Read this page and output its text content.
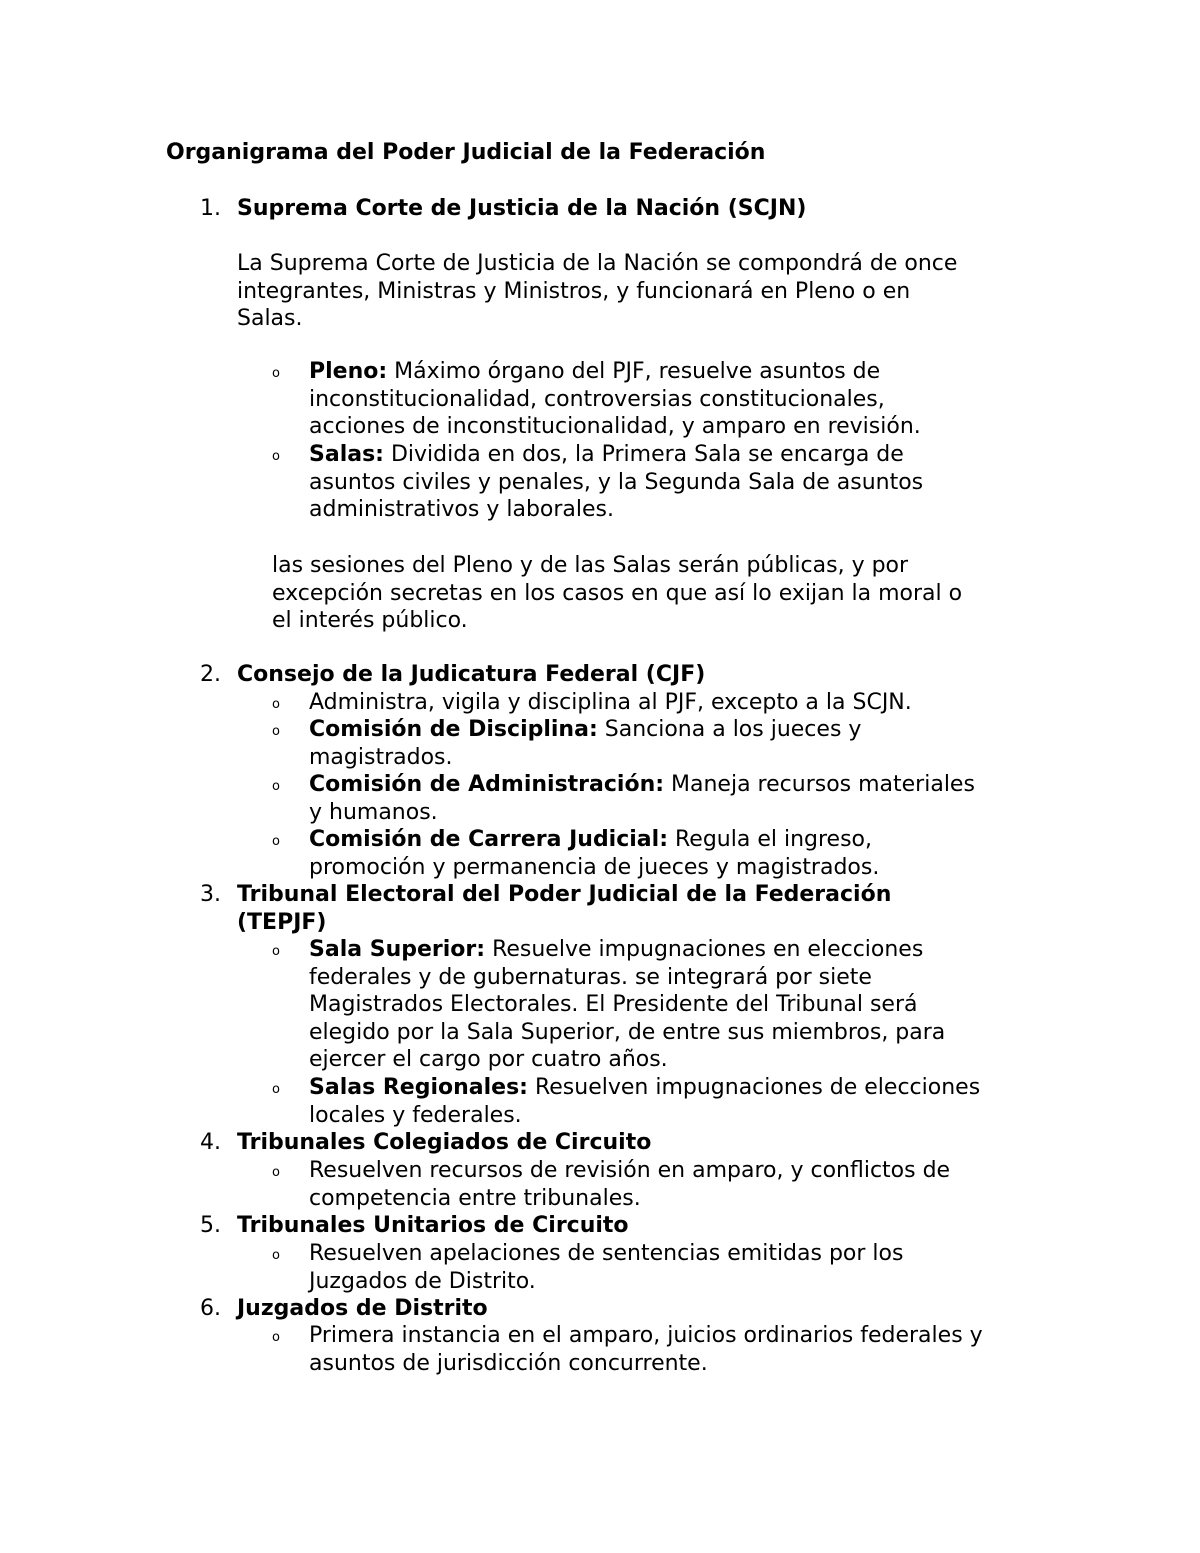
Organigrama del Poder Judicial de la Federación
1. Suprema Corte de Justicia de la Nación (SCJN)

La Suprema Corte de Justicia de la Nación se compondrá de once
integrantes, Ministras y Ministros, y funcionará en Pleno o en
Salas.

o Pleno: Máximo órgano del PJF, resuelve asuntos de
inconstitucionalidad, controversias constitucionales,
acciones de inconstitucionalidad, y amparo en revisión.
o Salas: Dividida en dos, la Primera Sala se encarga de
asuntos civiles y penales, y la Segunda Sala de asuntos
administrativos y laborales.

las sesiones del Pleno y de las Salas serán públicas, y por
excepción secretas en los casos en que así lo exijan la moral o
el interés público.

2. Consejo de la Judicatura Federal (CJF)
o Administra, vigila y disciplina al PJF, excepto a la SCJN.
o Comisión de Disciplina: Sanciona a los jueces y
magistrados.
o Comisión de Administración: Maneja recursos materiales
y humanos.
o Comisión de Carrera Judicial: Regula el ingreso,
promoción y permanencia de jueces y magistrados.
3. Tribunal Electoral del Poder Judicial de la Federación
(TEPJF)
o Sala Superior: Resuelve impugnaciones en elecciones
federales y de gubernaturas. se integrará por siete
Magistrados Electorales. El Presidente del Tribunal será
elegido por la Sala Superior, de entre sus miembros, para
ejercer el cargo por cuatro años.
o Salas Regionales: Resuelven impugnaciones de elecciones
locales y federales.
4. Tribunales Colegiados de Circuito
o Resuelven recursos de revisión en amparo, y conflictos de
competencia entre tribunales.
5. Tribunales Unitarios de Circuito
o Resuelven apelaciones de sentencias emitidas por los
Juzgados de Distrito.
6. Juzgados de Distrito
o Primera instancia en el amparo, juicios ordinarios federales y
asuntos de jurisdicción concurrente.
